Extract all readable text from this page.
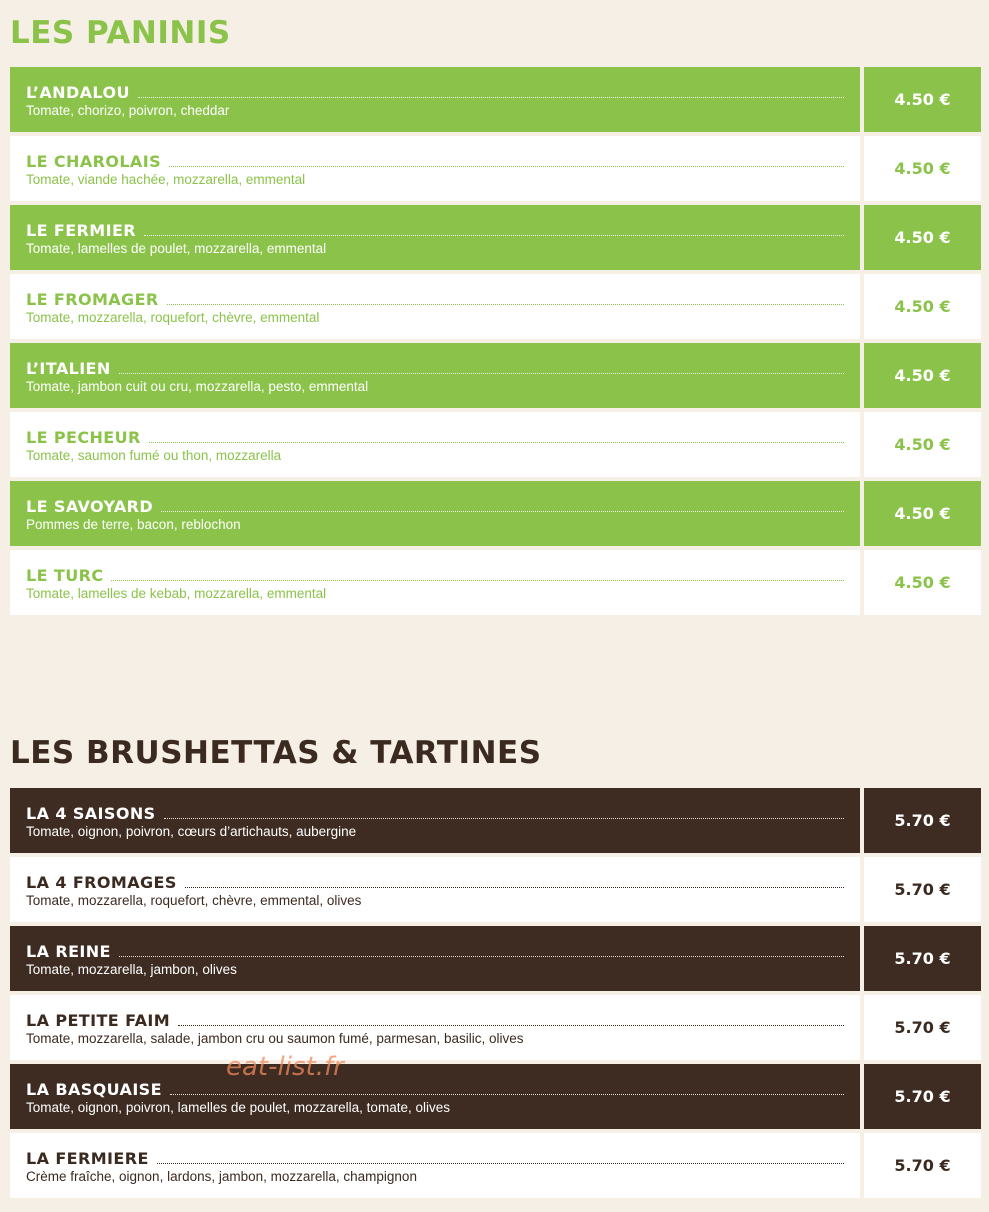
LES PANINIS
L’ANDALOU
Tomate, chorizo, poivron, cheddar
4.50 €
LE CHAROLAIS
Tomate, viande hachée, mozzarella, emmental
4.50 €
LE FERMIER
Tomate, lamelles de poulet, mozzarella, emmental
4.50 €
LE FROMAGER
Tomate, mozzarella, roquefort, chèvre, emmental
4.50 €
L’ITALIEN
Tomate, jambon cuit ou cru, mozzarella, pesto, emmental
4.50 €
LE PECHEUR
Tomate, saumon fumé ou thon, mozzarella
4.50 €
LE SAVOYARD
Pommes de terre, bacon, reblochon
4.50 €
LE TURC
Tomate, lamelles de kebab, mozzarella, emmental
4.50 €
LES BRUSHETTAS & TARTINES
LA 4 SAISONS
Tomate, oignon, poivron, cœurs d’artichauts, aubergine
5.70 €
LA 4 FROMAGES
Tomate, mozzarella, roquefort, chèvre, emmental, olives
5.70 €
LA REINE
Tomate, mozzarella, jambon, olives
5.70 €
LA PETITE FAIM
Tomate, mozzarella, salade, jambon cru ou saumon fumé, parmesan, basilic, olives
5.70 €
LA BASQUAISE
Tomate, oignon, poivron, lamelles de poulet, mozzarella, tomate, olives
5.70 €
LA FERMIERE
Crème fraîche, oignon, lardons, jambon, mozzarella, champignon
5.70 €
eat-list.fr
